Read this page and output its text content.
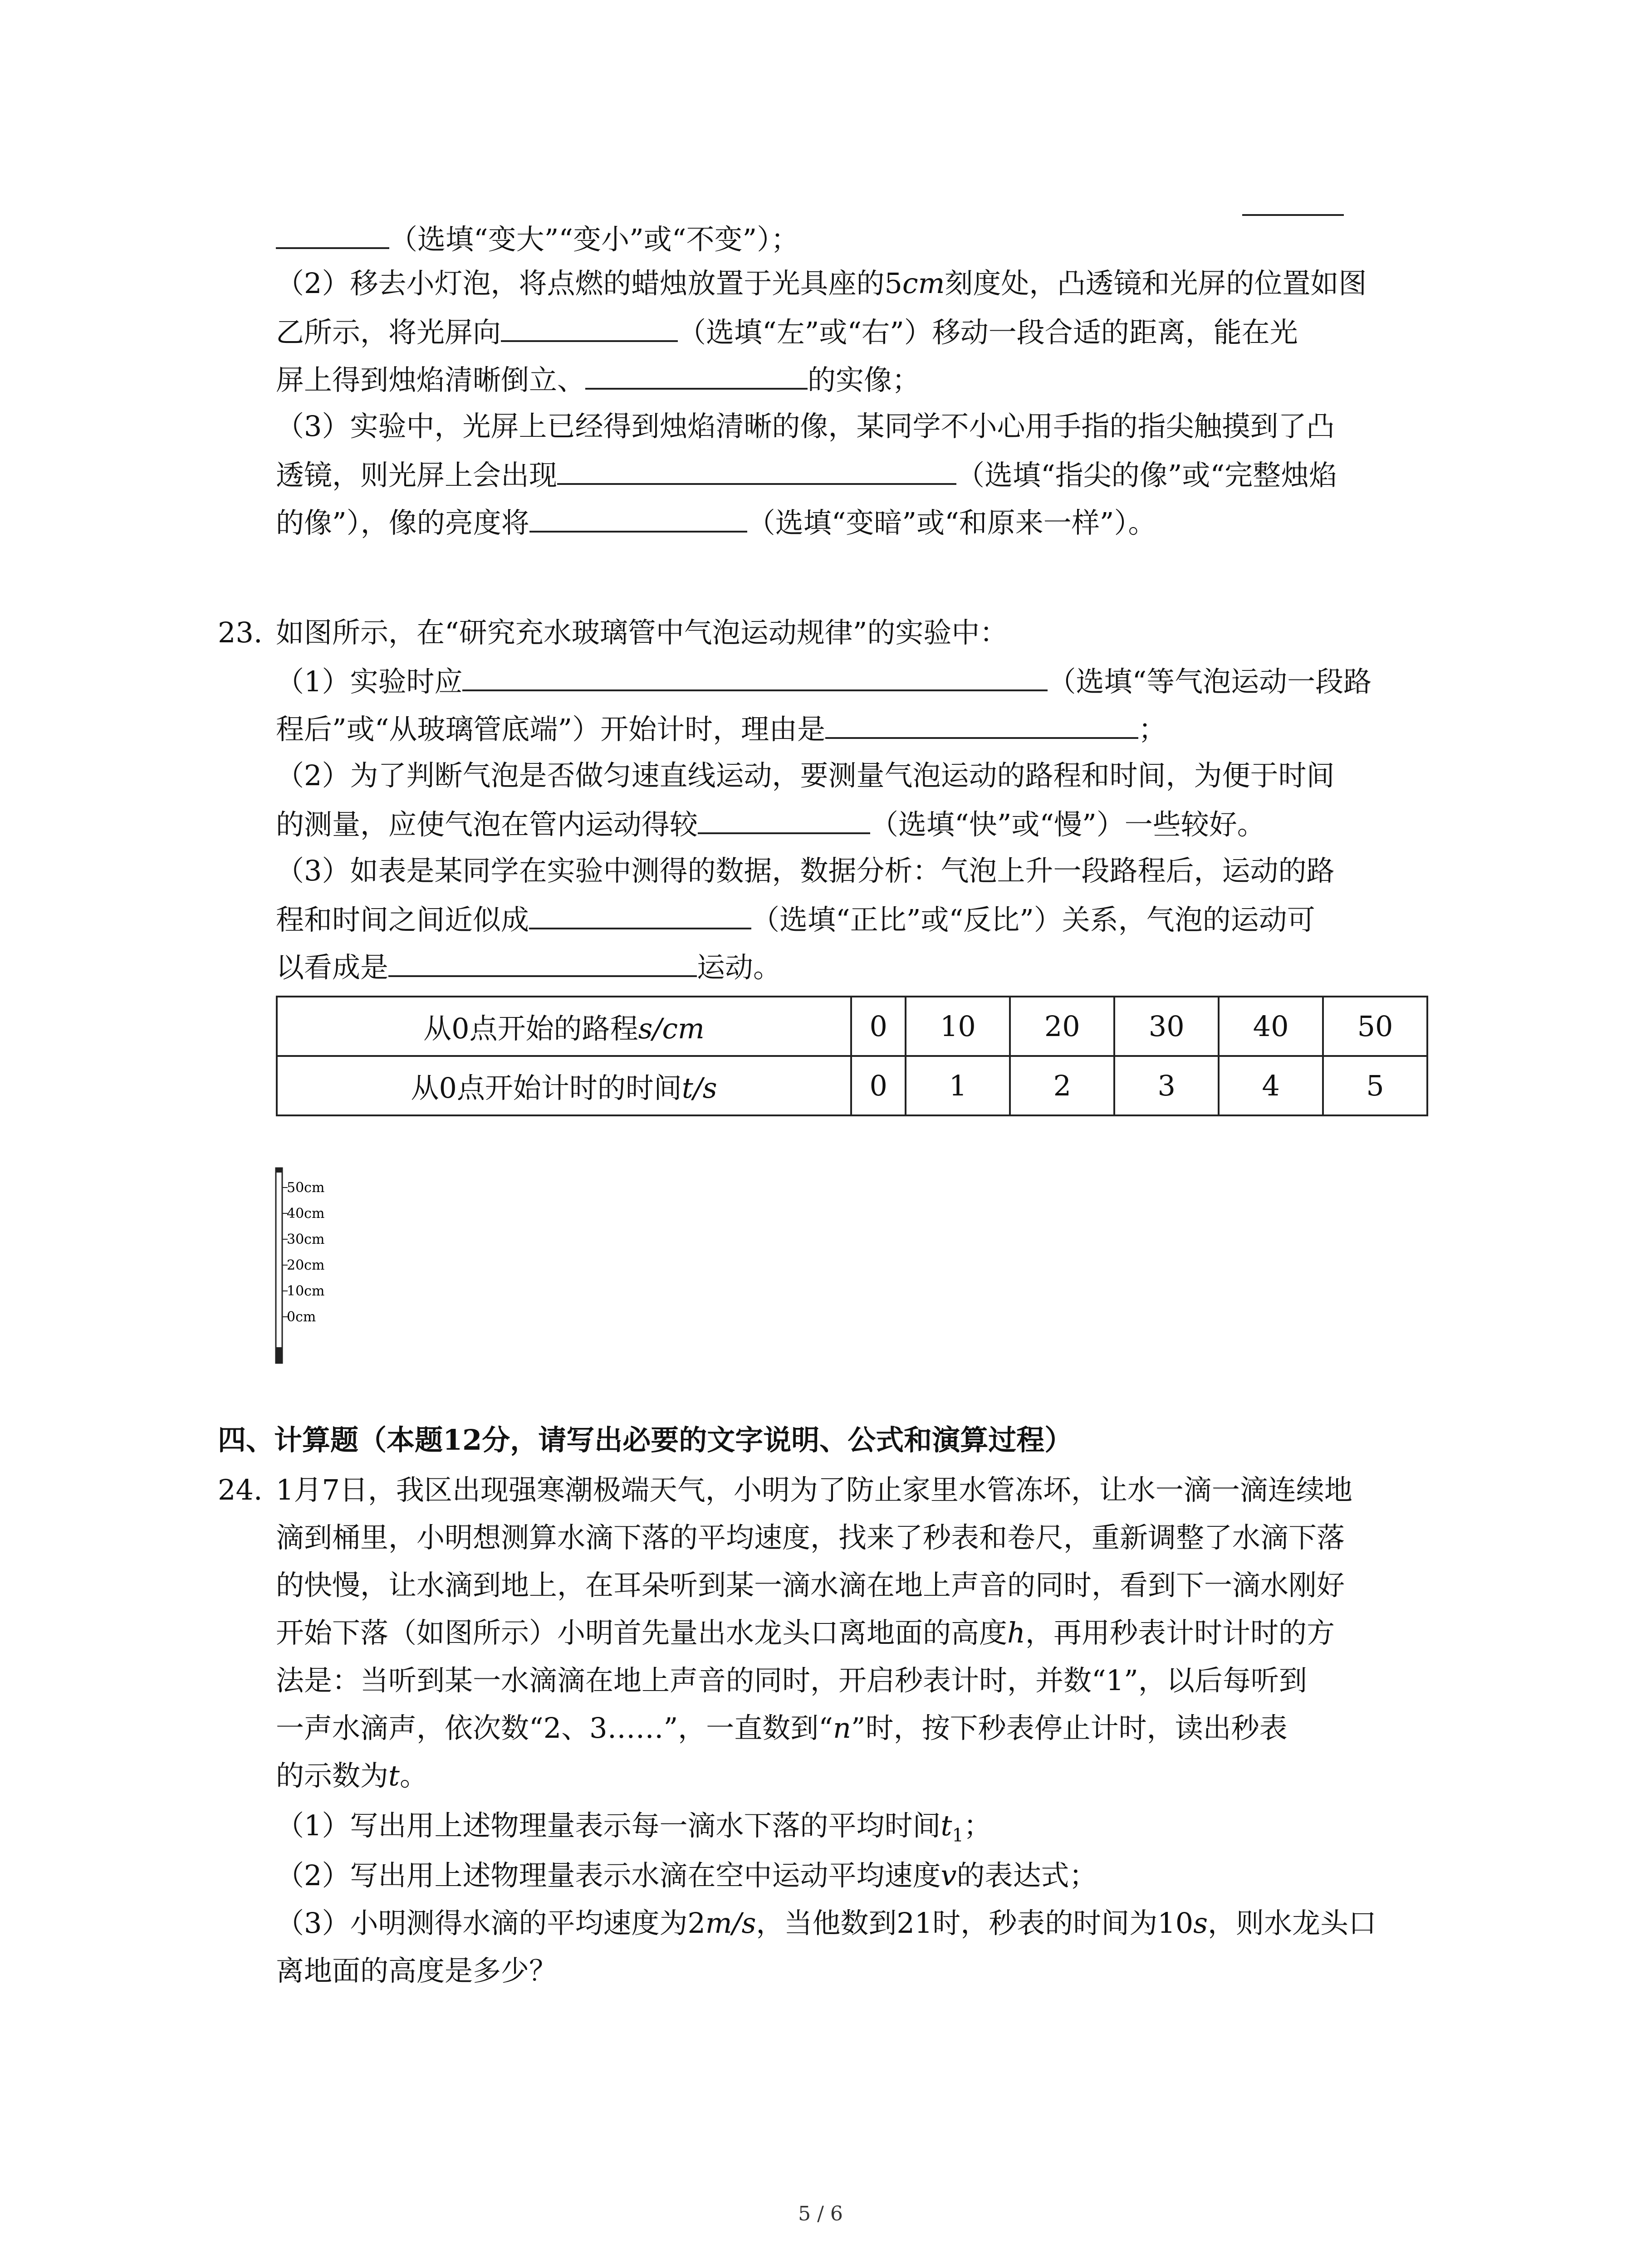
（选填“变大”“变小”或“不变”）；
（2）移去小灯泡，将点燃的蜡烛放置于光具座的5cm刻度处，凸透镜和光屏的位置如图
乙所示，将光屏向	（选填“左”或“右”）移动一段合适的距离，能在光
屏上得到烛焰清晰倒立、	的实像；
（3）实验中，光屏上已经得到烛焰清晰的像，某同学不小心用手指的指尖触摸到了凸
透镜，则光屏上会出现	（选填“指尖的像”或“完整烛焰
的像”），像的亮度将	（选填“变暗”或“和原来一样”）。
23. 如图所示，在“研究充水玻璃管中气泡运动规律”的实验中：
（1）实验时应	（选填“等气泡运动一段路
程后”或“从玻璃管底端”）开始计时，理由是	；
（2）为了判断气泡是否做匀速直线运动，要测量气泡运动的路程和时间，为便于时间
的测量，应使气泡在管内运动得较	（选填“快”或“慢”）一些较好。
（3）如表是某同学在实验中测得的数据，数据分析：气泡上升一段路程后，运动的路
程和时间之间近似成	（选填“正比”或“反比”）关系，气泡的运动可
以看成是	运动。
从0点开始的路程s/cm	0	10	20	30	40	50
从0点开始计时的时间t/s	0	1	2	3	4	5
50cm
40cm
30cm
20cm
10cm
0cm
四、计算题（本题12分，请写出必要的文字说明、公式和演算过程）
24. 1月7日，我区出现强寒潮极端天气，小明为了防止家里水管冻坏，让水一滴一滴连续地
滴到桶里，小明想测算水滴下落的平均速度，找来了秒表和卷尺，重新调整了水滴下落
的快慢，让水滴到地上，在耳朵听到某一滴水滴在地上声音的同时，看到下一滴水刚好
开始下落（如图所示）小明首先量出水龙头口离地面的高度h，再用秒表计时计时的方
法是：当听到某一水滴滴在地上声音的同时，开启秒表计时，并数“1”，以后每听到
一声水滴声，依次数“2、3……”，一直数到“n”时，按下秒表停止计时，读出秒表
的示数为t。
（1）写出用上述物理量表示每一滴水下落的平均时间$t_1$；
（2）写出用上述物理量表示水滴在空中运动平均速度v的表达式；
（3）小明测得水滴的平均速度为2m/s，当他数到21时，秒表的时间为10s，则水龙头口
离地面的高度是多少？
5 / 6
